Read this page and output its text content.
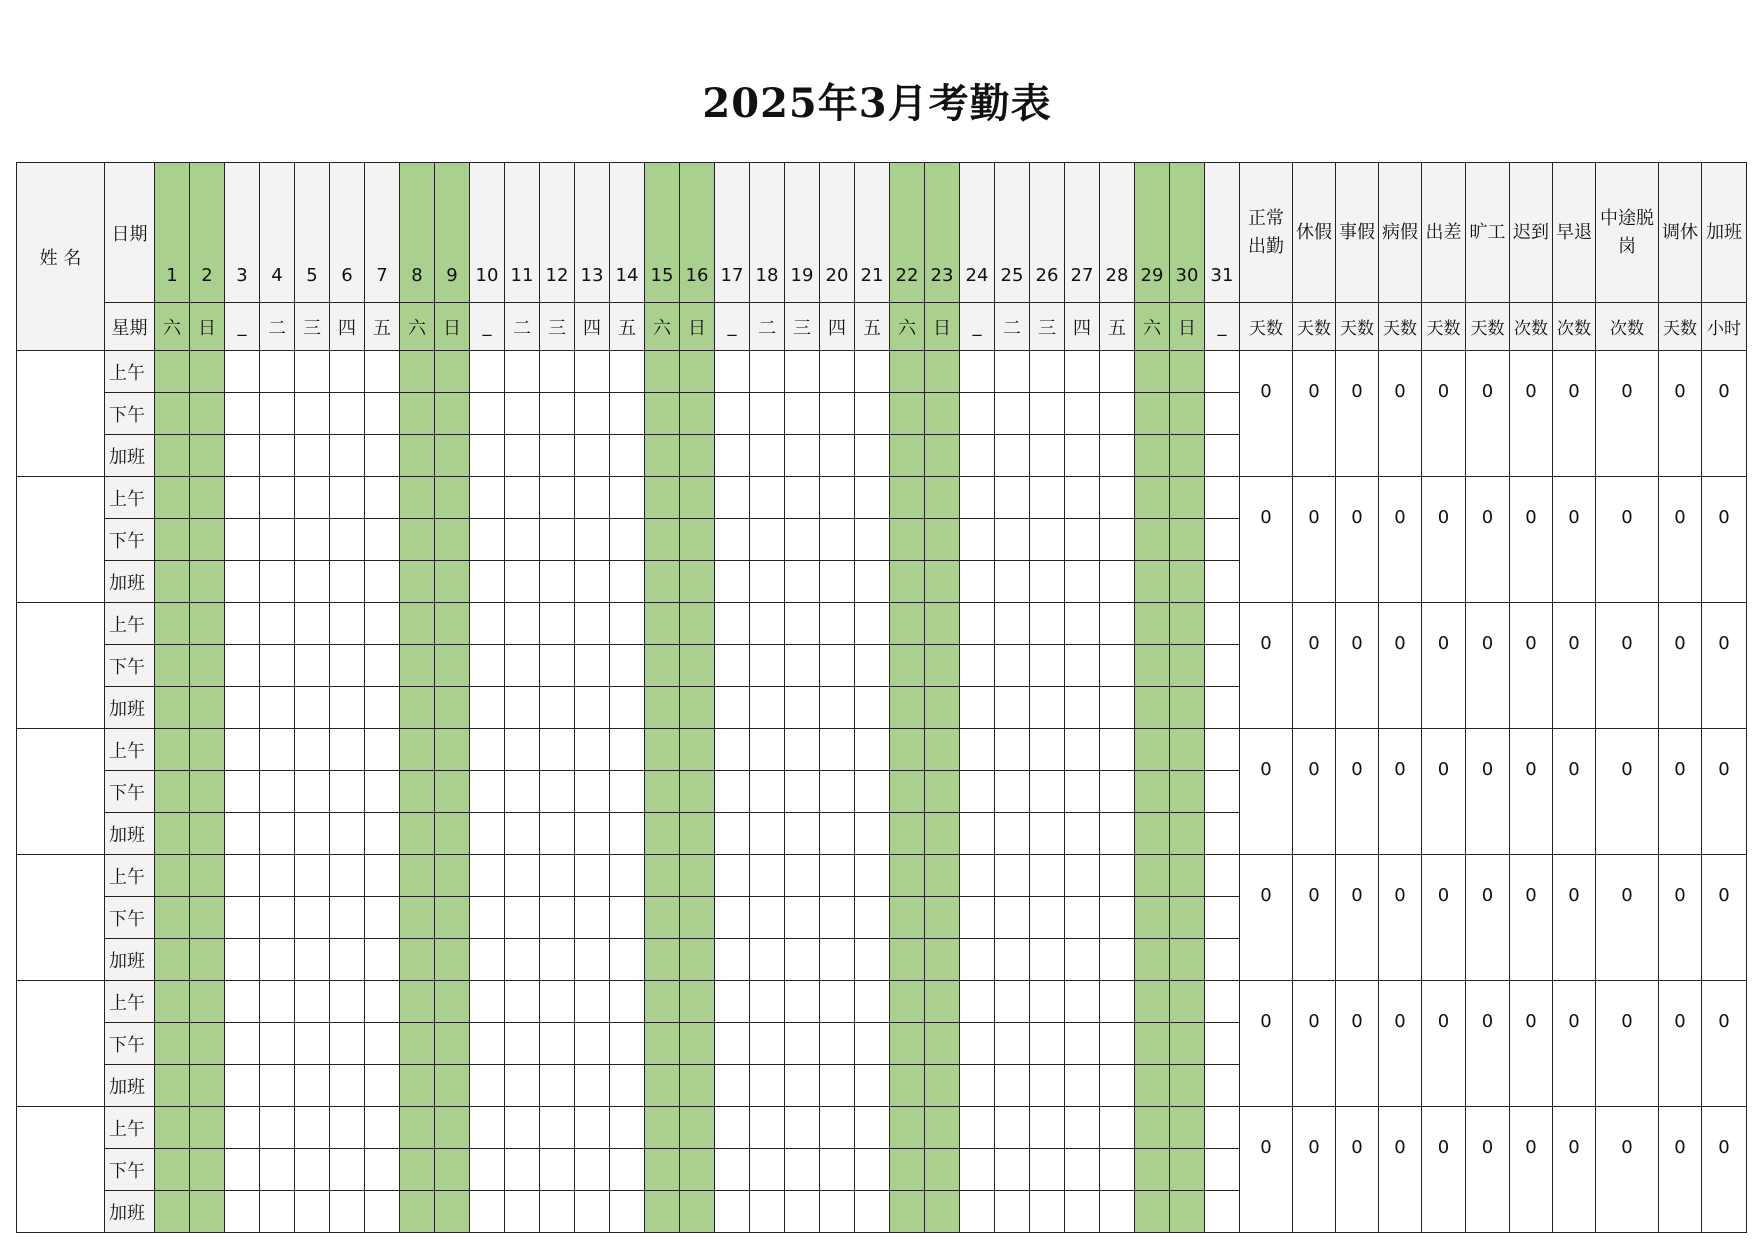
2025年3月考勤表
姓 名	日期	1	2	3	4	5	6	7	8	9	10	11	12	13	14	15	16	17	18	19	20	21	22	23	24	25	26	27	28	29	30	31	正常出勤	休假	事假	病假	出差	旷工	迟到	早退	中途脱岗	调休	加班
	星期	六	日	_	二	三	四	五	六	日	_	二	三	四	五	六	日	_	二	三	四	五	六	日	_	二	三	四	五	六	日	_	天数	天数	天数	天数	天数	天数	次数	次数	次数	天数	小时
	上午																																0	0	0	0	0	0	0	0	0	0	0
	下午																																										
	加班																																										
	上午																																0	0	0	0	0	0	0	0	0	0	0
	下午																																										
	加班																																										
	上午																																0	0	0	0	0	0	0	0	0	0	0
	下午																																										
	加班																																										
	上午																																0	0	0	0	0	0	0	0	0	0	0
	下午																																										
	加班																																										
	上午																																0	0	0	0	0	0	0	0	0	0	0
	下午																																										
	加班																																										
	上午																																0	0	0	0	0	0	0	0	0	0	0
	下午																																										
	加班																																										
	上午																																0	0	0	0	0	0	0	0	0	0	0
	下午																																										
	加班																																										
